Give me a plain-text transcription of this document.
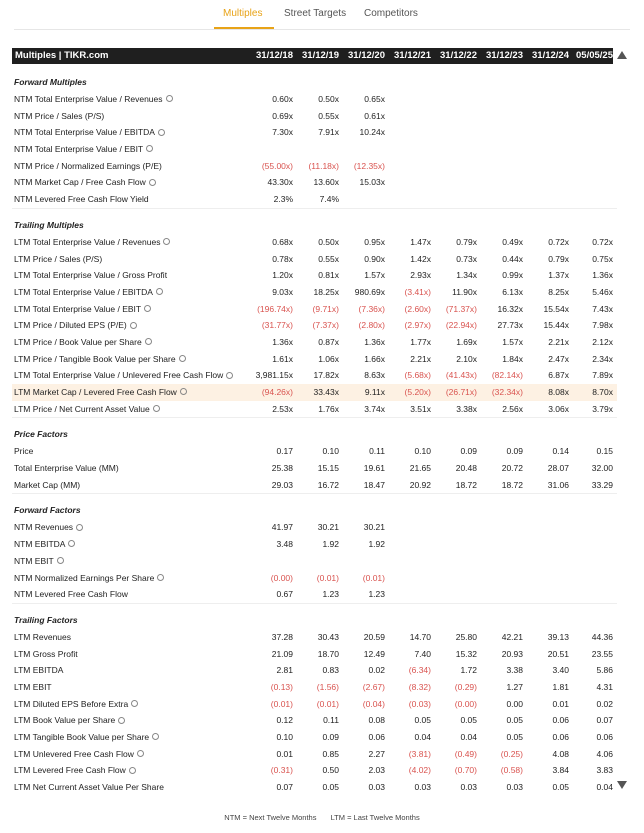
Multiples	Street Targets	Competitors
Multiples | TIKR.com	31/12/18 31/12/19 31/12/20 31/12/21 31/12/22 31/12/23 31/12/24 05/05/25
Forward Multiples
NTM Total Enterprise Value / Revenues	0.60x	0.50x	0.65x
NTM Price / Sales (P/S)	0.69x	0.55x	0.61x
NTM Total Enterprise Value / EBITDA	7.30x	7.91x	10.24x
NTM Total Enterprise Value / EBIT
NTM Price / Normalized Earnings (P/E)	(55.00x)	(11.18x)	(12.35x)
NTM Market Cap / Free Cash Flow	43.30x	13.60x	15.03x
NTM Levered Free Cash Flow Yield	2.3%	7.4%
Trailing Multiples
LTM Total Enterprise Value / Revenues	0.68x	0.50x	0.95x	1.47x	0.79x	0.49x	0.72x	0.72x
LTM Price / Sales (P/S)	0.78x	0.55x	0.90x	1.42x	0.73x	0.44x	0.79x	0.75x
LTM Total Enterprise Value / Gross Profit	1.20x	0.81x	1.57x	2.93x	1.34x	0.99x	1.37x	1.36x
LTM Total Enterprise Value / EBITDA	9.03x	18.25x	980.69x	(3.41x)	11.90x	6.13x	8.25x	5.46x
LTM Total Enterprise Value / EBIT	(196.74x)	(9.71x)	(7.36x)	(2.60x)	(71.37x)	16.32x	15.54x	7.43x
LTM Price / Diluted EPS (P/E)	(31.77x)	(7.37x)	(2.80x)	(2.97x)	(22.94x)	27.73x	15.44x	7.98x
LTM Price / Book Value per Share	1.36x	0.87x	1.36x	1.77x	1.69x	1.57x	2.21x	2.12x
LTM Price / Tangible Book Value per Share	1.61x	1.06x	1.66x	2.21x	2.10x	1.84x	2.47x	2.34x
LTM Total Enterprise Value / Unlevered Free Cash Flow	3,981.15x	17.82x	8.63x	(5.68x)	(41.43x)	(82.14x)	6.87x	7.89x
LTM Market Cap / Levered Free Cash Flow	(94.26x)	33.43x	9.11x	(5.20x)	(26.71x)	(32.34x)	8.08x	8.70x
LTM Price / Net Current Asset Value	2.53x	1.76x	3.74x	3.51x	3.38x	2.56x	3.06x	3.79x
Price Factors
Price	0.17	0.10	0.11	0.10	0.09	0.09	0.14	0.15
Total Enterprise Value (MM)	25.38	15.15	19.61	21.65	20.48	20.72	28.07	32.00
Market Cap (MM)	29.03	16.72	18.47	20.92	18.72	18.72	31.06	33.29
Forward Factors
NTM Revenues	41.97	30.21	30.21
NTM EBITDA	3.48	1.92	1.92
NTM EBIT
NTM Normalized Earnings Per Share	(0.00)	(0.01)	(0.01)
NTM Levered Free Cash Flow	0.67	1.23	1.23
Trailing Factors
LTM Revenues	37.28	30.43	20.59	14.70	25.80	42.21	39.13	44.36
LTM Gross Profit	21.09	18.70	12.49	7.40	15.32	20.93	20.51	23.55
LTM EBITDA	2.81	0.83	0.02	(6.34)	1.72	3.38	3.40	5.86
LTM EBIT	(0.13)	(1.56)	(2.67)	(8.32)	(0.29)	1.27	1.81	4.31
LTM Diluted EPS Before Extra	(0.01)	(0.01)	(0.04)	(0.03)	(0.00)	0.00	0.01	0.02
LTM Book Value per Share	0.12	0.11	0.08	0.05	0.05	0.05	0.06	0.07
LTM Tangible Book Value per Share	0.10	0.09	0.06	0.04	0.04	0.05	0.06	0.06
LTM Unlevered Free Cash Flow	0.01	0.85	2.27	(3.81)	(0.49)	(0.25)	4.08	4.06
LTM Levered Free Cash Flow	(0.31)	0.50	2.03	(4.02)	(0.70)	(0.58)	3.84	3.83
LTM Net Current Asset Value Per Share	0.07	0.05	0.03	0.03	0.03	0.03	0.05	0.04
NTM = Next Twelve Months LTM = Last Twelve Months
